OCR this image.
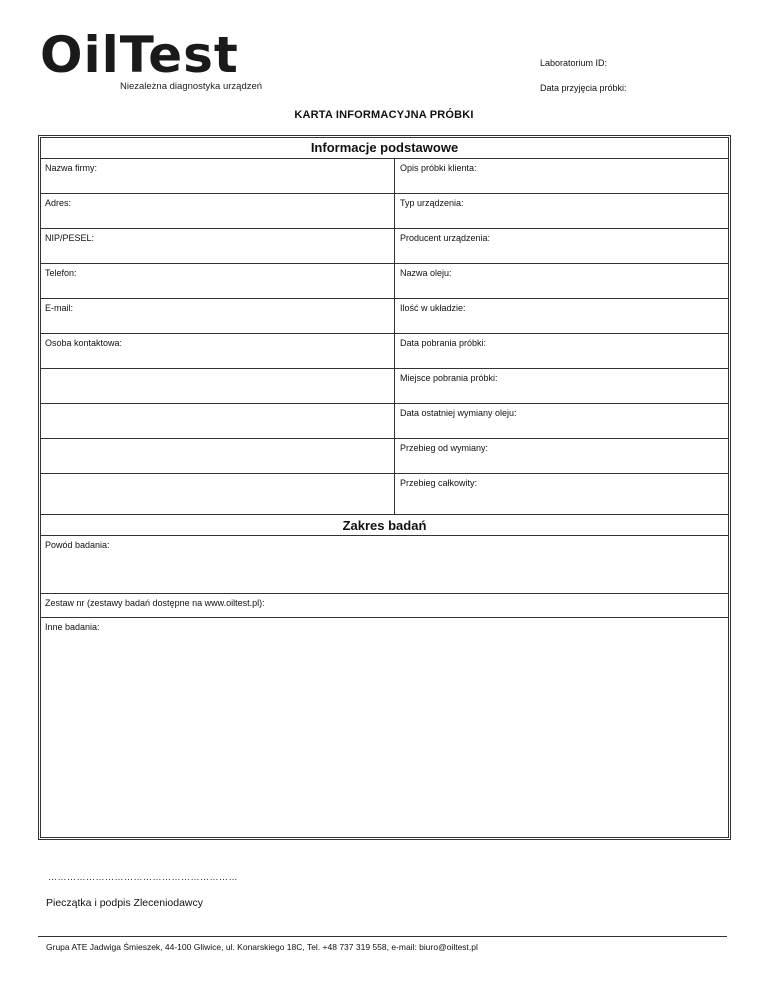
OilTest
Niezależna diagnostyka urządzeń
Laboratorium ID:
Data przyjęcia próbki:
KARTA INFORMACYJNA PRÓBKI
Informacje podstawowe
Nazwa firmy:	Opis próbki klienta:
Adres:	Typ urządzenia:
NIP/PESEL:	Producent urządzenia:
Telefon:	Nazwa oleju:
E-mail:	Ilość w układzie:
Osoba kontaktowa:	Data pobrania próbki:
Miejsce pobrania próbki:
Data ostatniej wymiany oleju:
Przebieg od wymiany:
Przebieg całkowity:
Zakres badań
Powód badania:
Zestaw nr (zestawy badań dostępne na www.oiltest.pl):
Inne badania:
……………………………………………………
Pieczątka i podpis Zleceniodawcy
Grupa ATE Jadwiga Śmieszek, 44-100 Gliwice, ul. Konarskiego 18C, Tel. +48 737 319 558, e-mail: biuro@oiltest.pl
